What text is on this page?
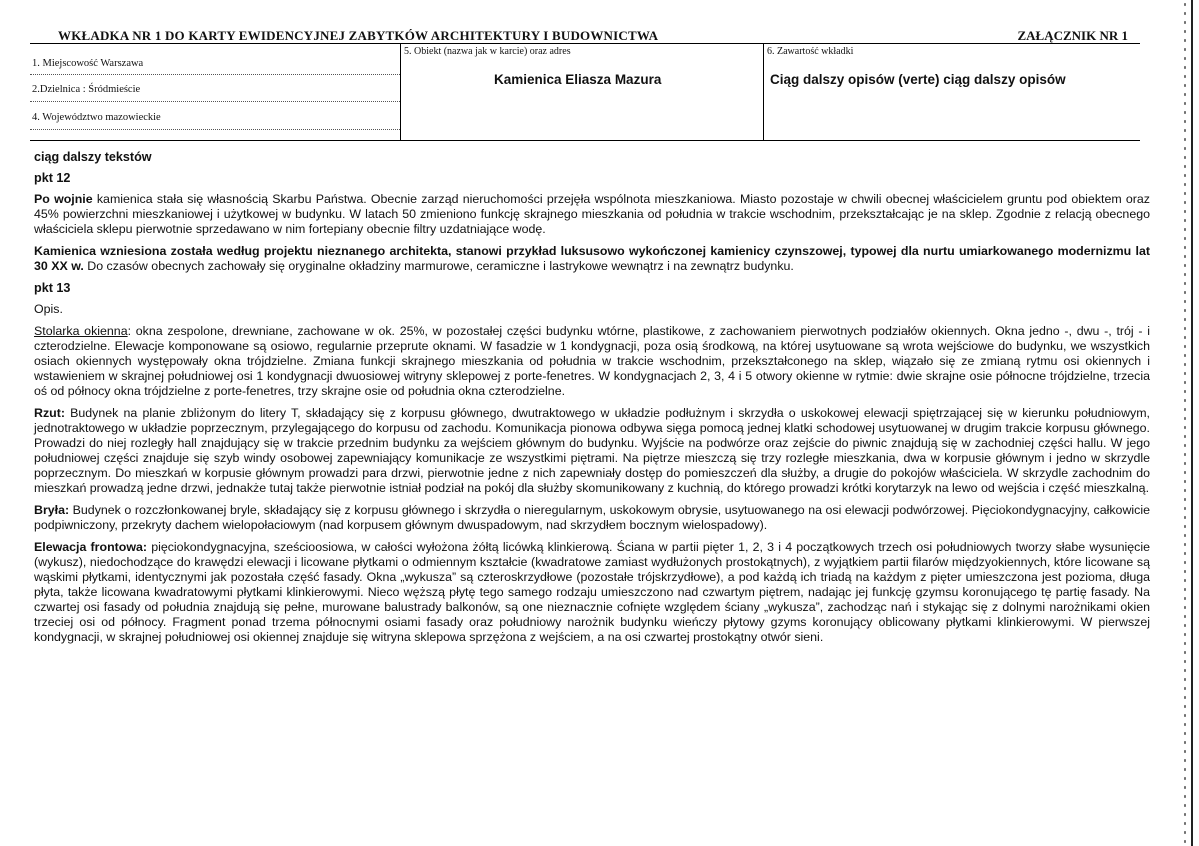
WKŁADKA NR 1 DO KARTY EWIDENCYJNEJ ZABYTKÓW ARCHITEKTURY I BUDOWNICTWA	ZAŁĄCZNIK NR 1
1. Miejscowość Warszawa
2.Dzielnica : Śródmieście
4. Województwo mazowieckie
5. Obiekt (nazwa jak w karcie) oraz adres
Kamienica Eliasza Mazura
6. Zawartość wkładki
Ciąg dalszy opisów (verte) ciąg dalszy opisów

ciąg dalszy tekstów

pkt 12

Po wojnie kamienica stała się własnością Skarbu Państwa. Obecnie zarząd nieruchomości przejęła wspólnota mieszkaniowa. Miasto pozostaje w chwili obecnej właścicielem gruntu pod obiektem oraz 45% powierzchni mieszkaniowej i użytkowej w budynku. W latach 50 zmieniono funkcję skrajnego mieszkania od południa w trakcie wschodnim, przekształcając je na sklep. Zgodnie z relacją obecnego właściciela sklepu pierwotnie sprzedawano w nim fortepiany obecnie filtry uzdatniające wodę.

Kamienica wzniesiona została według projektu nieznanego architekta, stanowi przykład luksusowo wykończonej kamienicy czynszowej, typowej dla nurtu umiarkowanego modernizmu lat 30 XX w. Do czasów obecnych zachowały się oryginalne okładziny marmurowe, ceramiczne i lastrykowe wewnątrz i na zewnątrz budynku.

pkt 13

Opis.

Stolarka okienna: okna zespolone, drewniane, zachowane w ok. 25%, w pozostałej części budynku wtórne, plastikowe, z zachowaniem pierwotnych podziałów okiennych. Okna jedno -, dwu -, trój - i czterodzielne. Elewacje komponowane są osiowo, regularnie przeprute oknami. W fasadzie w 1 kondygnacji, poza osią środkową, na której usytuowane są wrota wejściowe do budynku, we wszystkich osiach okiennych występowały okna trójdzielne. Zmiana funkcji skrajnego mieszkania od południa w trakcie wschodnim, przekształconego na sklep, wiązało się ze zmianą rytmu osi okiennych i wstawieniem w skrajnej południowej osi 1 kondygnacji dwuosiowej witryny sklepowej z porte-fenetres. W kondygnacjach 2, 3, 4 i 5 otwory okienne w rytmie: dwie skrajne osie północne trójdzielne, trzecia oś od północy okna trójdzielne z porte-fenetres, trzy skrajne osie od południa okna czterodzielne.

Rzut: Budynek na planie zbliżonym do litery T, składający się z korpusu głównego, dwutraktowego w układzie podłużnym i skrzydła o uskokowej elewacji spiętrzającej się w kierunku południowym, jednotraktowego w układzie poprzecznym, przylegającego do korpusu od zachodu. Komunikacja pionowa odbywa sięga pomocą jednej klatki schodowej usytuowanej w drugim trakcie korpusu głównego. Prowadzi do niej rozległy hall znajdujący się w trakcie przednim budynku za wejściem głównym do budynku. Wyjście na podwórze oraz zejście do piwnic znajdują się w zachodniej części hallu. W jego południowej części znajduje się szyb windy osobowej zapewniający komunikacje ze wszystkimi piętrami. Na piętrze mieszczą się trzy rozległe mieszkania, dwa w korpusie głównym i jedno w skrzydle poprzecznym. Do mieszkań w korpusie głównym prowadzi para drzwi, pierwotnie jedne z nich zapewniały dostęp do pomieszczeń dla służby, a drugie do pokojów właściciela. W skrzydle zachodnim do mieszkań prowadzą jedne drzwi, jednakże tutaj także pierwotnie istniał podział na pokój dla służby skomunikowany z kuchnią, do którego prowadzi krótki korytarzyk na lewo od wejścia i część mieszkalną.

Bryła: Budynek o rozczłonkowanej bryle, składający się z korpusu głównego i skrzydła o nieregularnym, uskokowym obrysie, usytuowanego na osi elewacji podwórzowej. Pięciokondygnacyjny, całkowicie podpiwniczony, przekryty dachem wielopołaciowym (nad korpusem głównym dwuspadowym, nad skrzydłem bocznym wielospadowy).

Elewacja frontowa: pięciokondygnacyjna, sześcioosiowa, w całości wyłożona żółtą licówką klinkierową. Ściana w partii pięter 1, 2, 3 i 4 początkowych trzech osi południowych tworzy słabe wysunięcie (wykusz), niedochodzące do krawędzi elewacji i licowane płytkami o odmiennym kształcie (kwadratowe zamiast wydłużonych prostokątnych), z wyjątkiem partii filarów międzyokiennych, które licowane są wąskimi płytkami, identycznymi jak pozostała część fasady. Okna „wykusza” są czteroskrzydłowe (pozostałe trójskrzydłowe), a pod każdą ich triadą na każdym z pięter umieszczona jest pozioma, długa płyta, także licowana kwadratowymi płytkami klinkierowymi. Nieco węższą płytę tego samego rodzaju umieszczono nad czwartym piętrem, nadając jej funkcję gzymsu koronującego tę partię fasady. Na czwartej osi fasady od południa znajdują się pełne, murowane balustrady balkonów, są one nieznacznie cofnięte względem ściany „wykusza”, zachodząc nań i stykając się z dolnymi narożnikami okien trzeciej osi od północy. Fragment ponad trzema północnymi osiami fasady oraz południowy narożnik budynku wieńczy płytowy gzyms koronujący oblicowany płytkami klinkierowymi. W pierwszej kondygnacji, w skrajnej południowej osi okiennej znajduje się witryna sklepowa sprzężona z wejściem, a na osi czwartej prostokątny otwór sieni.
